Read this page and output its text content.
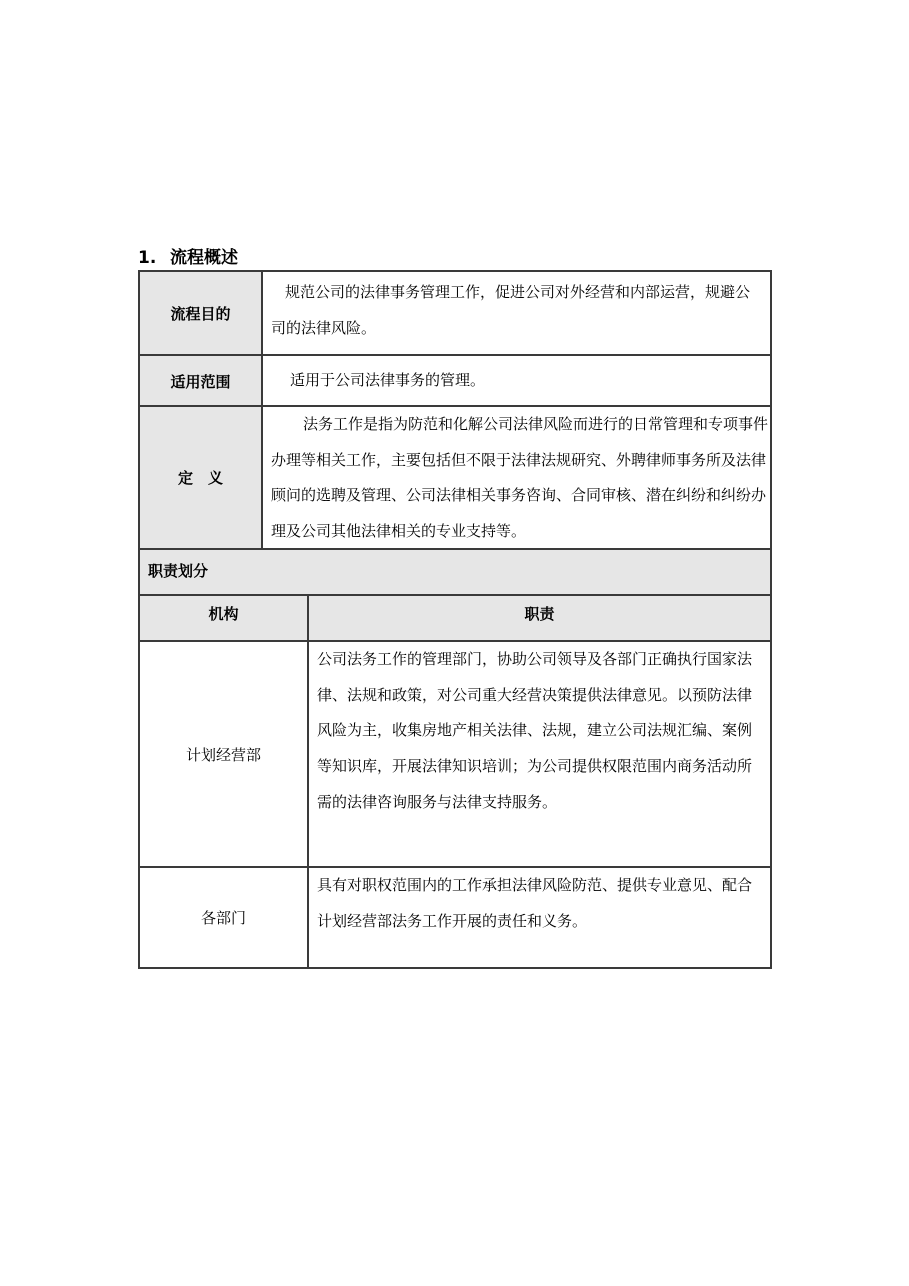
1. 流程概述
流程目的
规范公司的法律事务管理工作，促进公司对外经营和内部运营，规避公司的法律风险。
适用范围	适用于公司法律事务的管理。
定　义
法务工作是指为防范和化解公司法律风险而进行的日常管理和专项事件办理等相关工作，主要包括但不限于法律法规研究、外聘律师事务所及法律顾问的选聘及管理、公司法律相关事务咨询、合同审核、潜在纠纷和纠纷办理及公司其他法律相关的专业支持等。
职责划分
机构	职责
计划经营部
公司法务工作的管理部门，协助公司领导及各部门正确执行国家法律、法规和政策，对公司重大经营决策提供法律意见。以预防法律风险为主，收集房地产相关法律、法规，建立公司法规汇编、案例等知识库，开展法律知识培训；为公司提供权限范围内商务活动所需的法律咨询服务与法律支持服务。
各部门
具有对职权范围内的工作承担法律风险防范、提供专业意见、配合计划经营部法务工作开展的责任和义务。
